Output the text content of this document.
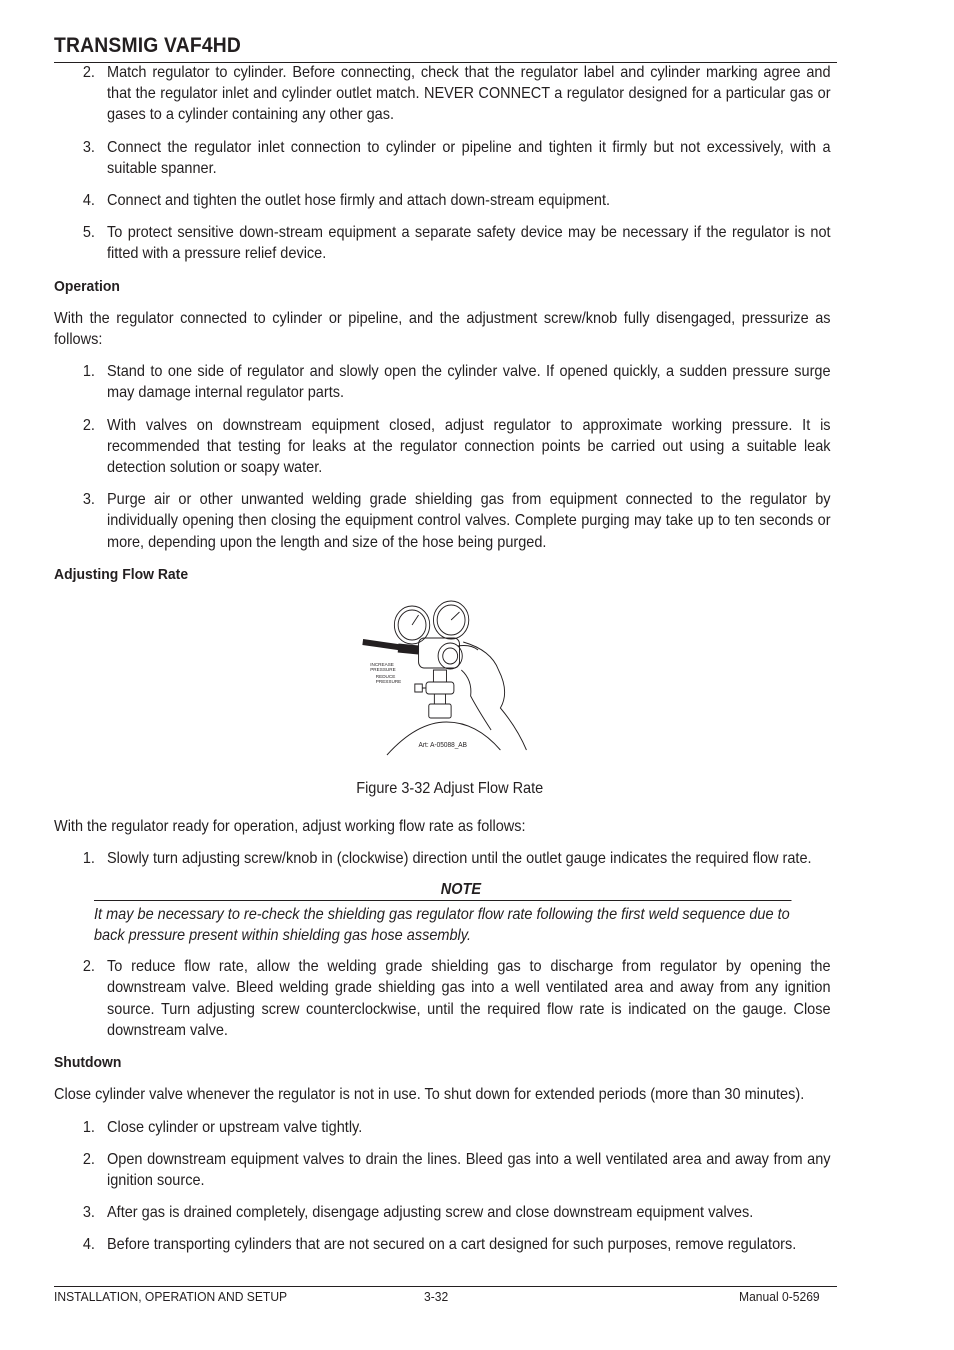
TRANSMIG VAF4HD
2. Match regulator to cylinder. Before connecting, check that the regulator label and cylinder marking agree and that the regulator inlet and cylinder outlet match. NEVER CONNECT a regulator designed for a particular gas or gases to a cylinder containing any other gas.
3. Connect the regulator inlet connection to cylinder or pipeline and tighten it firmly but not excessively, with a suitable spanner.
4. Connect and tighten the outlet hose firmly and attach down-stream equipment.
5. To protect sensitive down-stream equipment a separate safety device may be necessary if the regulator is not fitted with a pressure relief device.
Operation
With the regulator connected to cylinder or pipeline, and the adjustment screw/knob fully disengaged, pressurize as follows:
1. Stand to one side of regulator and slowly open the cylinder valve. If opened quickly, a sudden pressure surge may damage internal regulator parts.
2. With valves on downstream equipment closed, adjust regulator to approximate working pressure. It is recommended that testing for leaks at the regulator connection points be carried out using a suitable leak detection solution or soapy water.
3. Purge air or other unwanted welding grade shielding gas from equipment connected to the regulator by individually opening then closing the equipment control valves. Complete purging may take up to ten seconds or more, depending upon the length and size of the hose being purged.
Adjusting Flow Rate
INCREASE
PRESSURE
REDUCE
PRESSURE
Art: A-05088_AB
Figure 3-32 Adjust Flow Rate
With the regulator ready for operation, adjust working flow rate as follows:
1. Slowly turn adjusting screw/knob in (clockwise) direction until the outlet gauge indicates the required flow rate.
NOTE
It may be necessary to re-check the shielding gas regulator flow rate following the first weld sequence due to back pressure present within shielding gas hose assembly.
2. To reduce flow rate, allow the welding grade shielding gas to discharge from regulator by opening the downstream valve. Bleed welding grade shielding gas into a well ventilated area and away from any ignition source. Turn adjusting screw counterclockwise, until the required flow rate is indicated on the gauge. Close downstream valve.
Shutdown
Close cylinder valve whenever the regulator is not in use. To shut down for extended periods (more than 30 minutes).
1. Close cylinder or upstream valve tightly.
2. Open downstream equipment valves to drain the lines. Bleed gas into a well ventilated area and away from any ignition source.
3. After gas is drained completely, disengage adjusting screw and close downstream equipment valves.
4. Before transporting cylinders that are not secured on a cart designed for such purposes, remove regulators.
INSTALLATION, OPERATION AND SETUP	3-32	Manual 0-5269
